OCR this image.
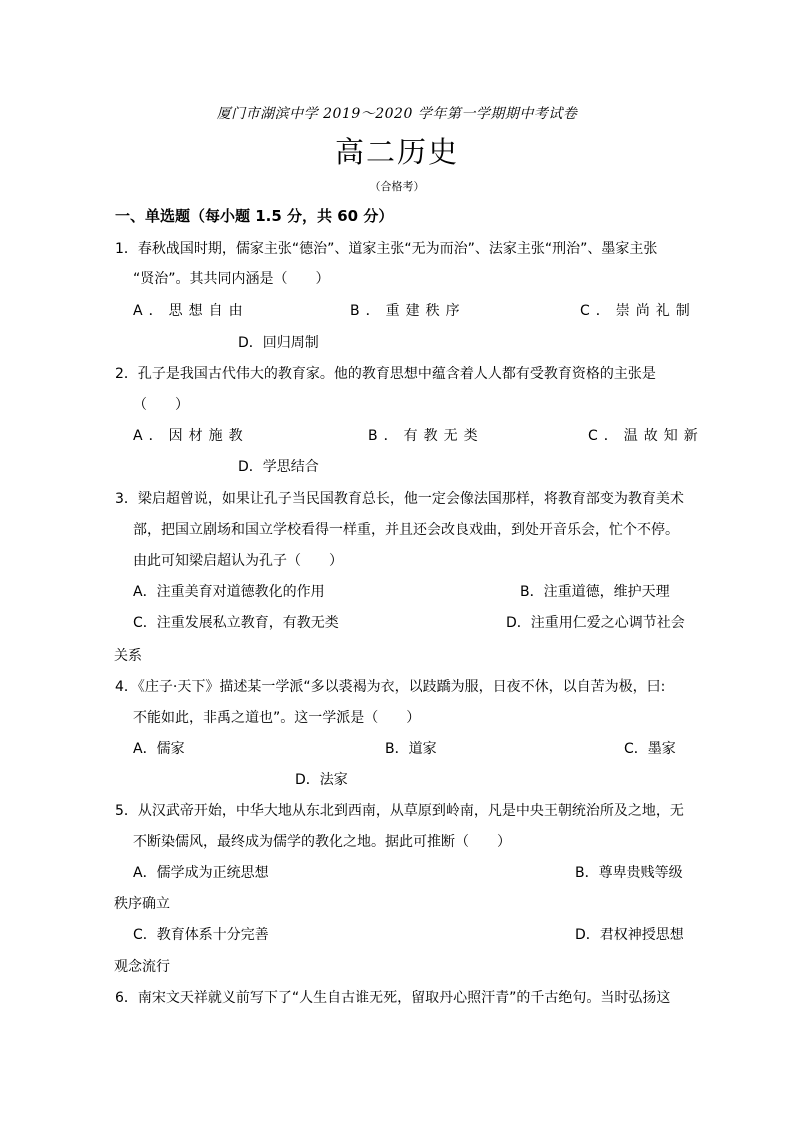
厦门市湖滨中学 2019～2020 学年第一学期期中考试卷
高二历史
（合格考）
一、单选题（每小题 1.5 分，共 60 分）
1．春秋战国时期，儒家主张“德治”、道家主张“无为而治”、法家主张“刑治”、墨家主张
“贤治”。其共同内涵是（　　）
A．思想自由	B．重建秩序	C．崇尚礼制
D．回归周制
2．孔子是我国古代伟大的教育家。他的教育思想中蕴含着人人都有受教育资格的主张是
（　　）
A．因材施教	B．有教无类	C．温故知新
D．学思结合
3．梁启超曾说，如果让孔子当民国教育总长，他一定会像法国那样，将教育部变为教育美术
部，把国立剧场和国立学校看得一样重，并且还会改良戏曲，到处开音乐会，忙个不停。
由此可知梁启超认为孔子（　　）
A．注重美育对道德教化的作用	B．注重道德，维护天理
C．注重发展私立教育，有教无类	D．注重用仁爱之心调节社会
关系
4．《庄子·天下》描述某一学派“多以裘褐为衣，以跂蹻为服，日夜不休，以自苦为极，曰:
不能如此，非禹之道也”。这一学派是（　　）
A．儒家	B．道家	C．墨家
D．法家
5．从汉武帝开始，中华大地从东北到西南，从草原到岭南，凡是中央王朝统治所及之地，无
不断染儒风，最终成为儒学的教化之地。据此可推断（　　）
A．儒学成为正统思想	B．尊卑贵贱等级
秩序确立
C．教育体系十分完善	D．君权神授思想
观念流行
6．南宋文天祥就义前写下了“人生自古谁无死，留取丹心照汗青”的千古绝句。当时弘扬这
